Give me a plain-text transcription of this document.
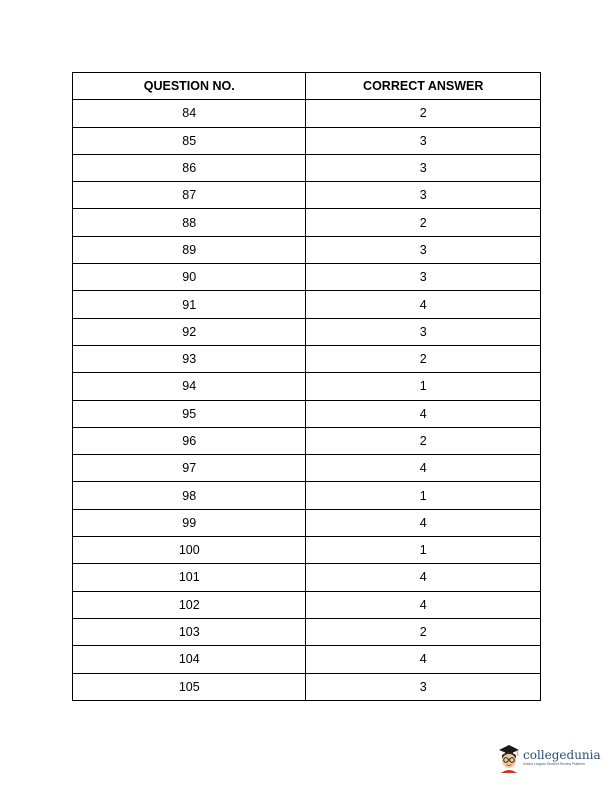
QUESTION NO.	CORRECT ANSWER
84	2
85	3
86	3
87	3
88	2
89	3
90	3
91	4
92	3
93	2
94	1
95	4
96	2
97	4
98	1
99	4
100	1
101	4
102	4
103	2
104	4
105	3
collegedunia
India's Largest Student Review Platform
